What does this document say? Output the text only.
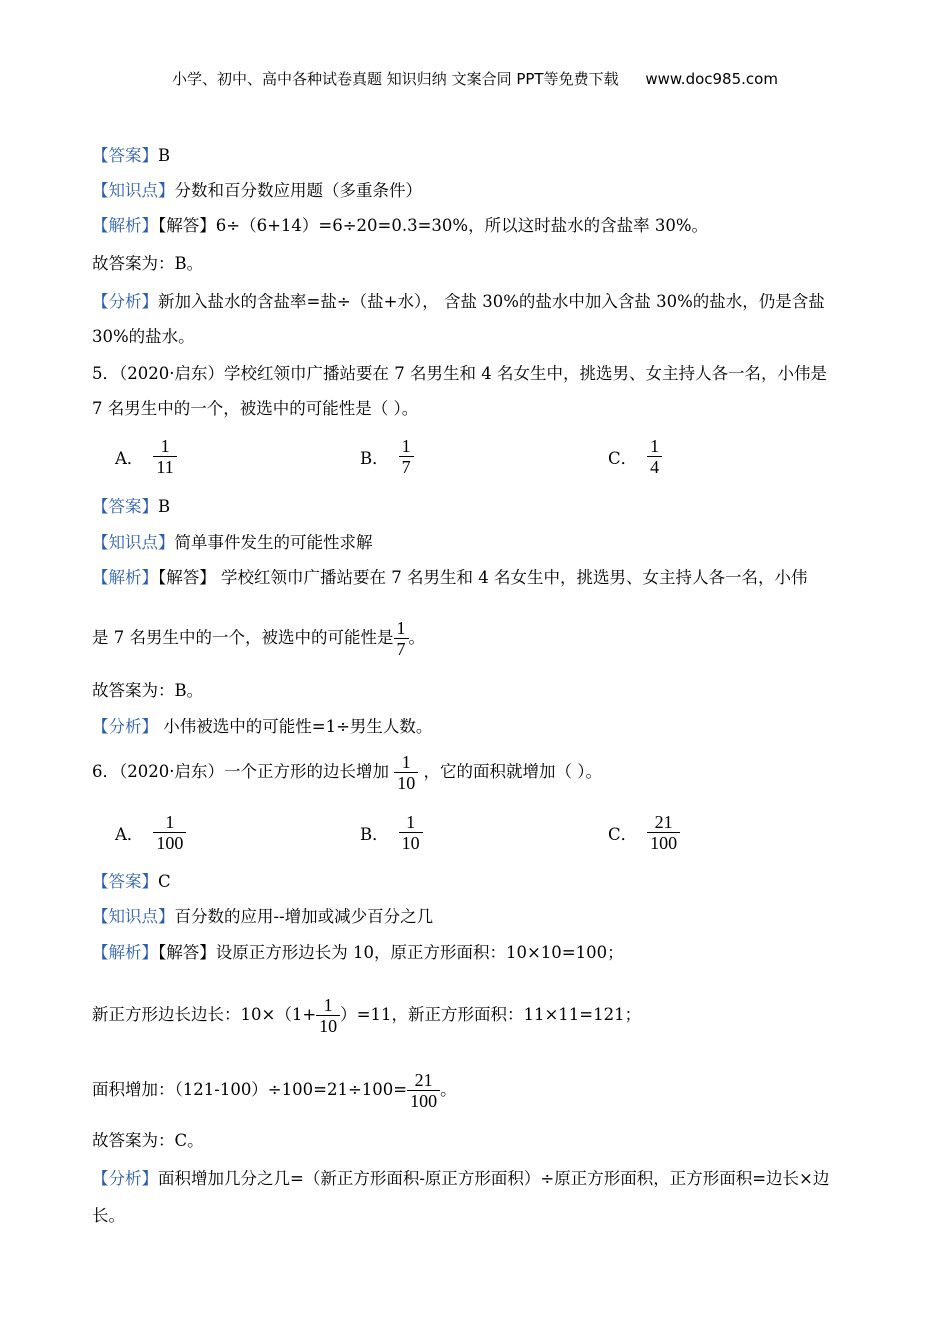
小学、初中、高中各种试卷真题 知识归纳 文案合同 PPT等免费下载 www.doc985.com
【答案】B
【知识点】分数和百分数应用题（多重条件）
【解析】【解答】6÷（6+14）=6÷20=0.3=30%，所以这时盐水的含盐率 30%。
故答案为：B。
【分析】新加入盐水的含盐率=盐÷（盐+水）， 含盐 30%的盐水中加入含盐 30%的盐水，仍是含盐
30%的盐水。
5．（2020·启东）学校红领巾广播站要在 7 名男生和 4 名女生中，挑选男、女主持人各一名，小伟是
7 名男生中的一个，被选中的可能性是（ ）。
A． $\frac{1}{11}$	B． $\frac{1}{7}$	C． $\frac{1}{4}$
【答案】B
【知识点】简单事件发生的可能性求解
【解析】【解答】 学校红领巾广播站要在 7 名男生和 4 名女生中，挑选男、女主持人各一名，小伟
是 7 名男生中的一个，被选中的可能性是 $\frac{1}{7}$ 。
故答案为：B。
【分析】 小伟被选中的可能性=1÷男生人数。
6．（2020·启东）一个正方形的边长增加 $\frac{1}{10}$ ，它的面积就增加（ ）。
A． $\frac{1}{100}$	B． $\frac{1}{10}$	C． $\frac{21}{100}$
【答案】C
【知识点】百分数的应用--增加或减少百分之几
【解析】【解答】设原正方形边长为 10，原正方形面积：10×10=100；
新正方形边长边长：$10\times(1+ \frac{1}{10} )=11$，新正方形面积：11×11=121；
面积增加：$(121-100)\div 100=21\div 100= \frac{21}{100}$ 。
故答案为：C。
【分析】面积增加几分之几=（新正方形面积-原正方形面积）÷原正方形面积，正方形面积=边长×边
长。
